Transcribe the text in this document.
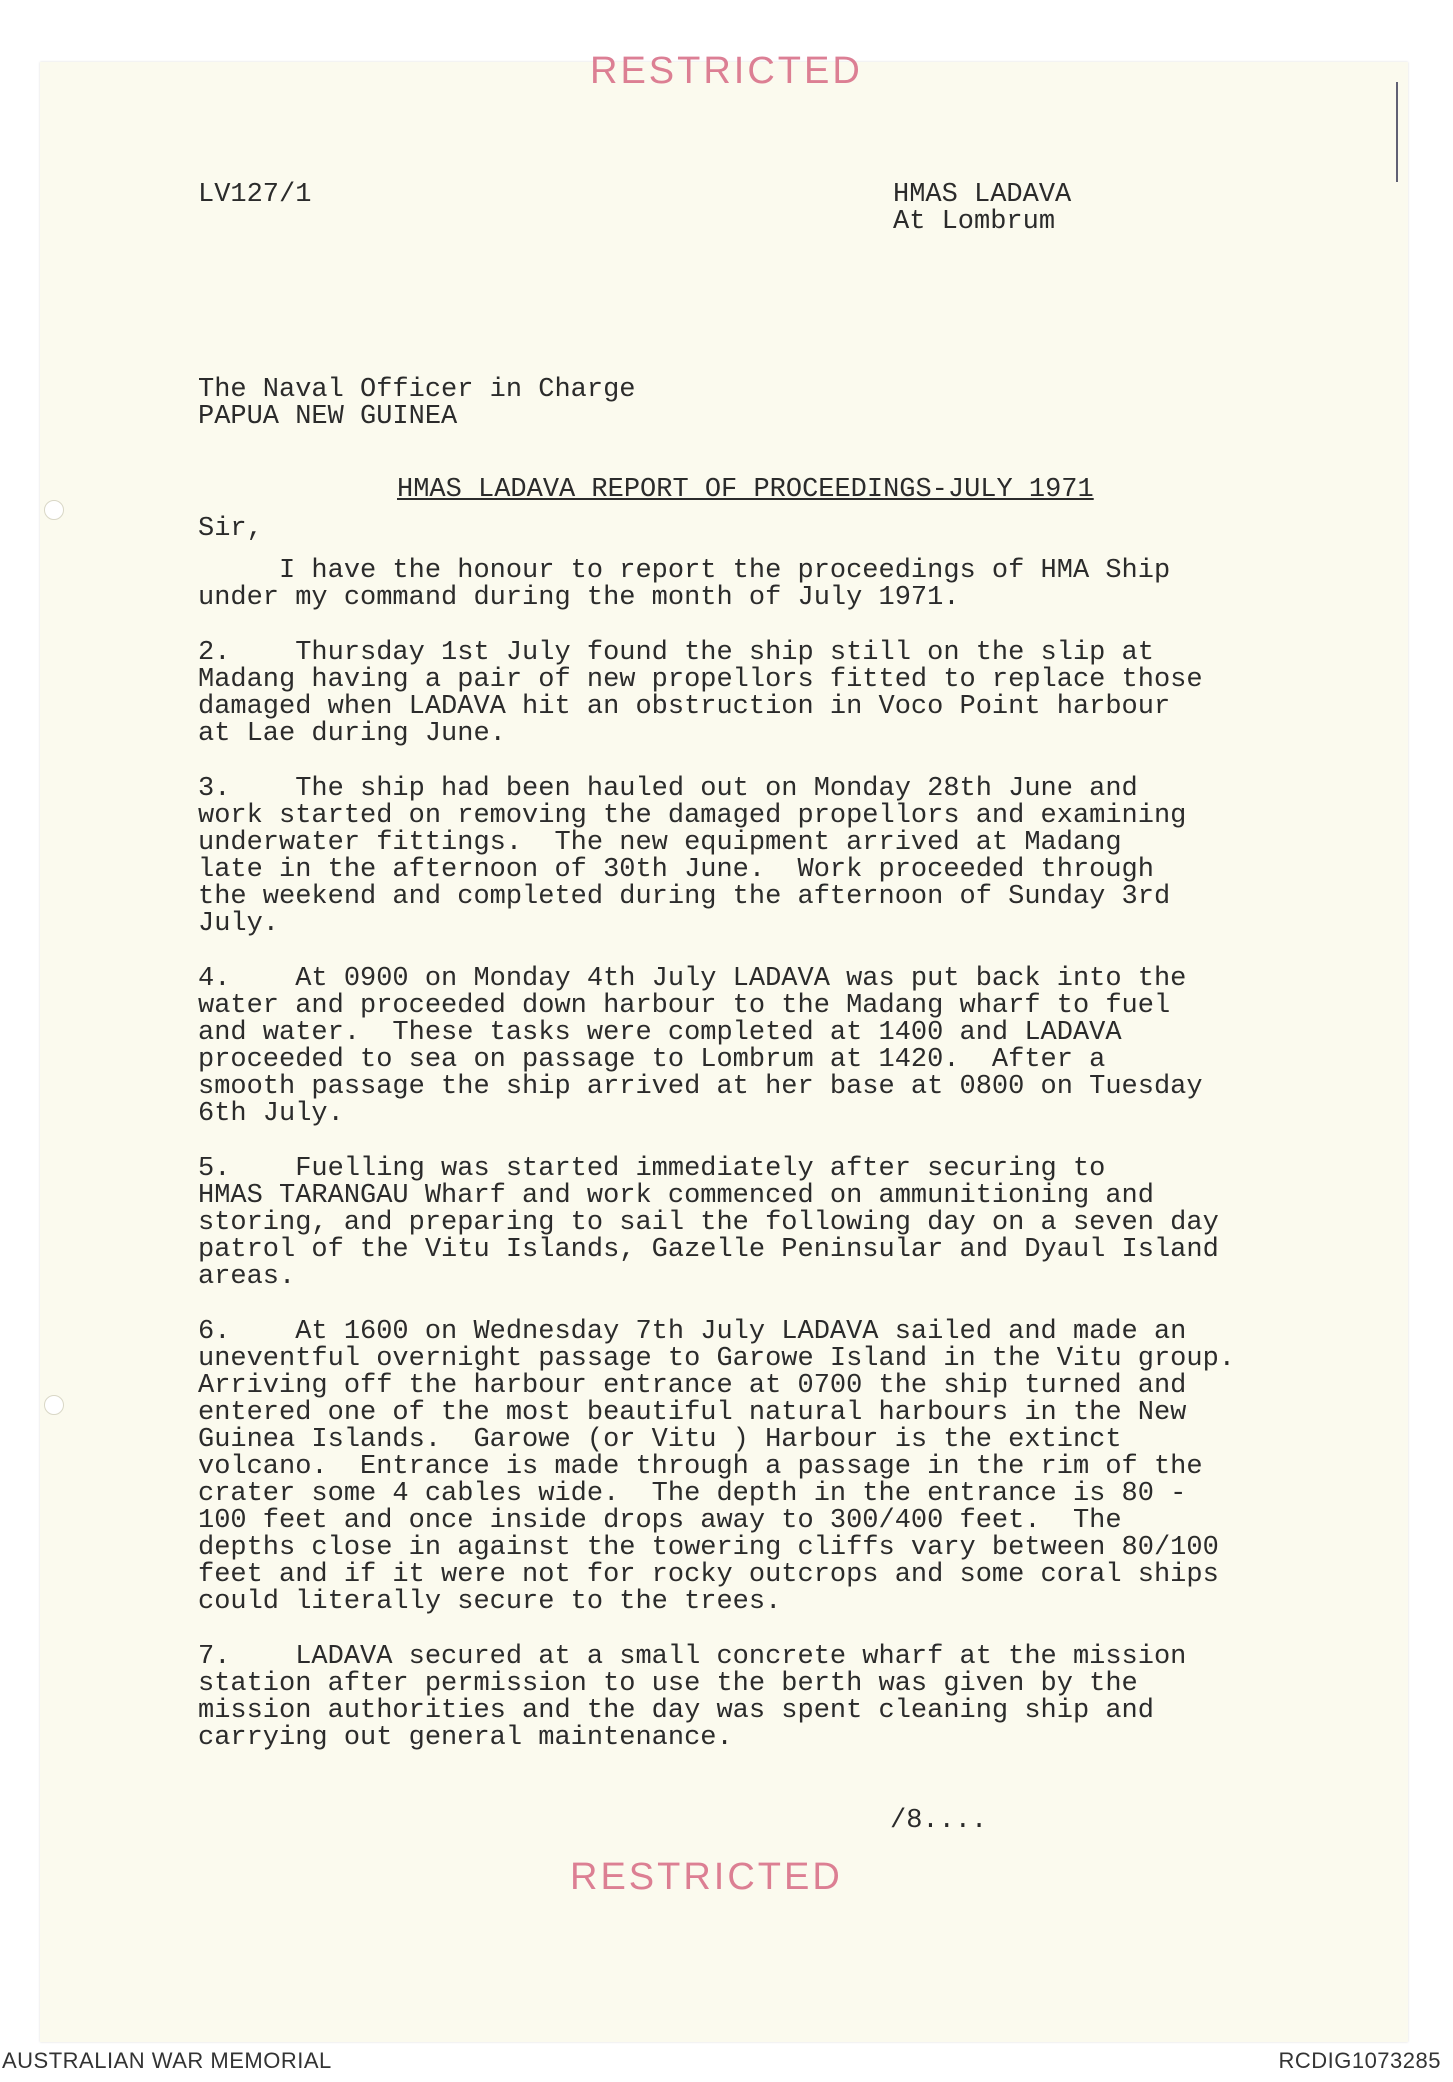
RESTRICTED
LV127/1	HMAS LADAVA
At Lombrum
The Naval Officer in Charge
PAPUA NEW GUINEA
HMAS LADAVA REPORT OF PROCEEDINGS-JULY 1971
Sir,
I have the honour to report the proceedings of HMA Ship
under my command during the month of July 1971.
2.    Thursday 1st July found the ship still on the slip at
Madang having a pair of new propellors fitted to replace those
damaged when LADAVA hit an obstruction in Voco Point harbour
at Lae during June.
3.    The ship had been hauled out on Monday 28th June and
work started on removing the damaged propellors and examining
underwater fittings.  The new equipment arrived at Madang
late in the afternoon of 30th June.  Work proceeded through
the weekend and completed during the afternoon of Sunday 3rd
July.
4.    At 0900 on Monday 4th July LADAVA was put back into the
water and proceeded down harbour to the Madang wharf to fuel
and water.  These tasks were completed at 1400 and LADAVA
proceeded to sea on passage to Lombrum at 1420.  After a
smooth passage the ship arrived at her base at 0800 on Tuesday
6th July.
5.    Fuelling was started immediately after securing to
HMAS TARANGAU Wharf and work commenced on ammunitioning and
storing, and preparing to sail the following day on a seven day
patrol of the Vitu Islands, Gazelle Peninsular and Dyaul Island
areas.
6.    At 1600 on Wednesday 7th July LADAVA sailed and made an
uneventful overnight passage to Garowe Island in the Vitu group.
Arriving off the harbour entrance at 0700 the ship turned and
entered one of the most beautiful natural harbours in the New
Guinea Islands.  Garowe (or Vitu ) Harbour is the extinct
volcano.  Entrance is made through a passage in the rim of the
crater some 4 cables wide.  The depth in the entrance is 80 -
100 feet and once inside drops away to 300/400 feet.  The
depths close in against the towering cliffs vary between 80/100
feet and if it were not for rocky outcrops and some coral ships
could literally secure to the trees.
7.    LADAVA secured at a small concrete wharf at the mission
station after permission to use the berth was given by the
mission authorities and the day was spent cleaning ship and
carrying out general maintenance.
/8....
RESTRICTED
AUSTRALIAN WAR MEMORIAL	RCDIG1073285
